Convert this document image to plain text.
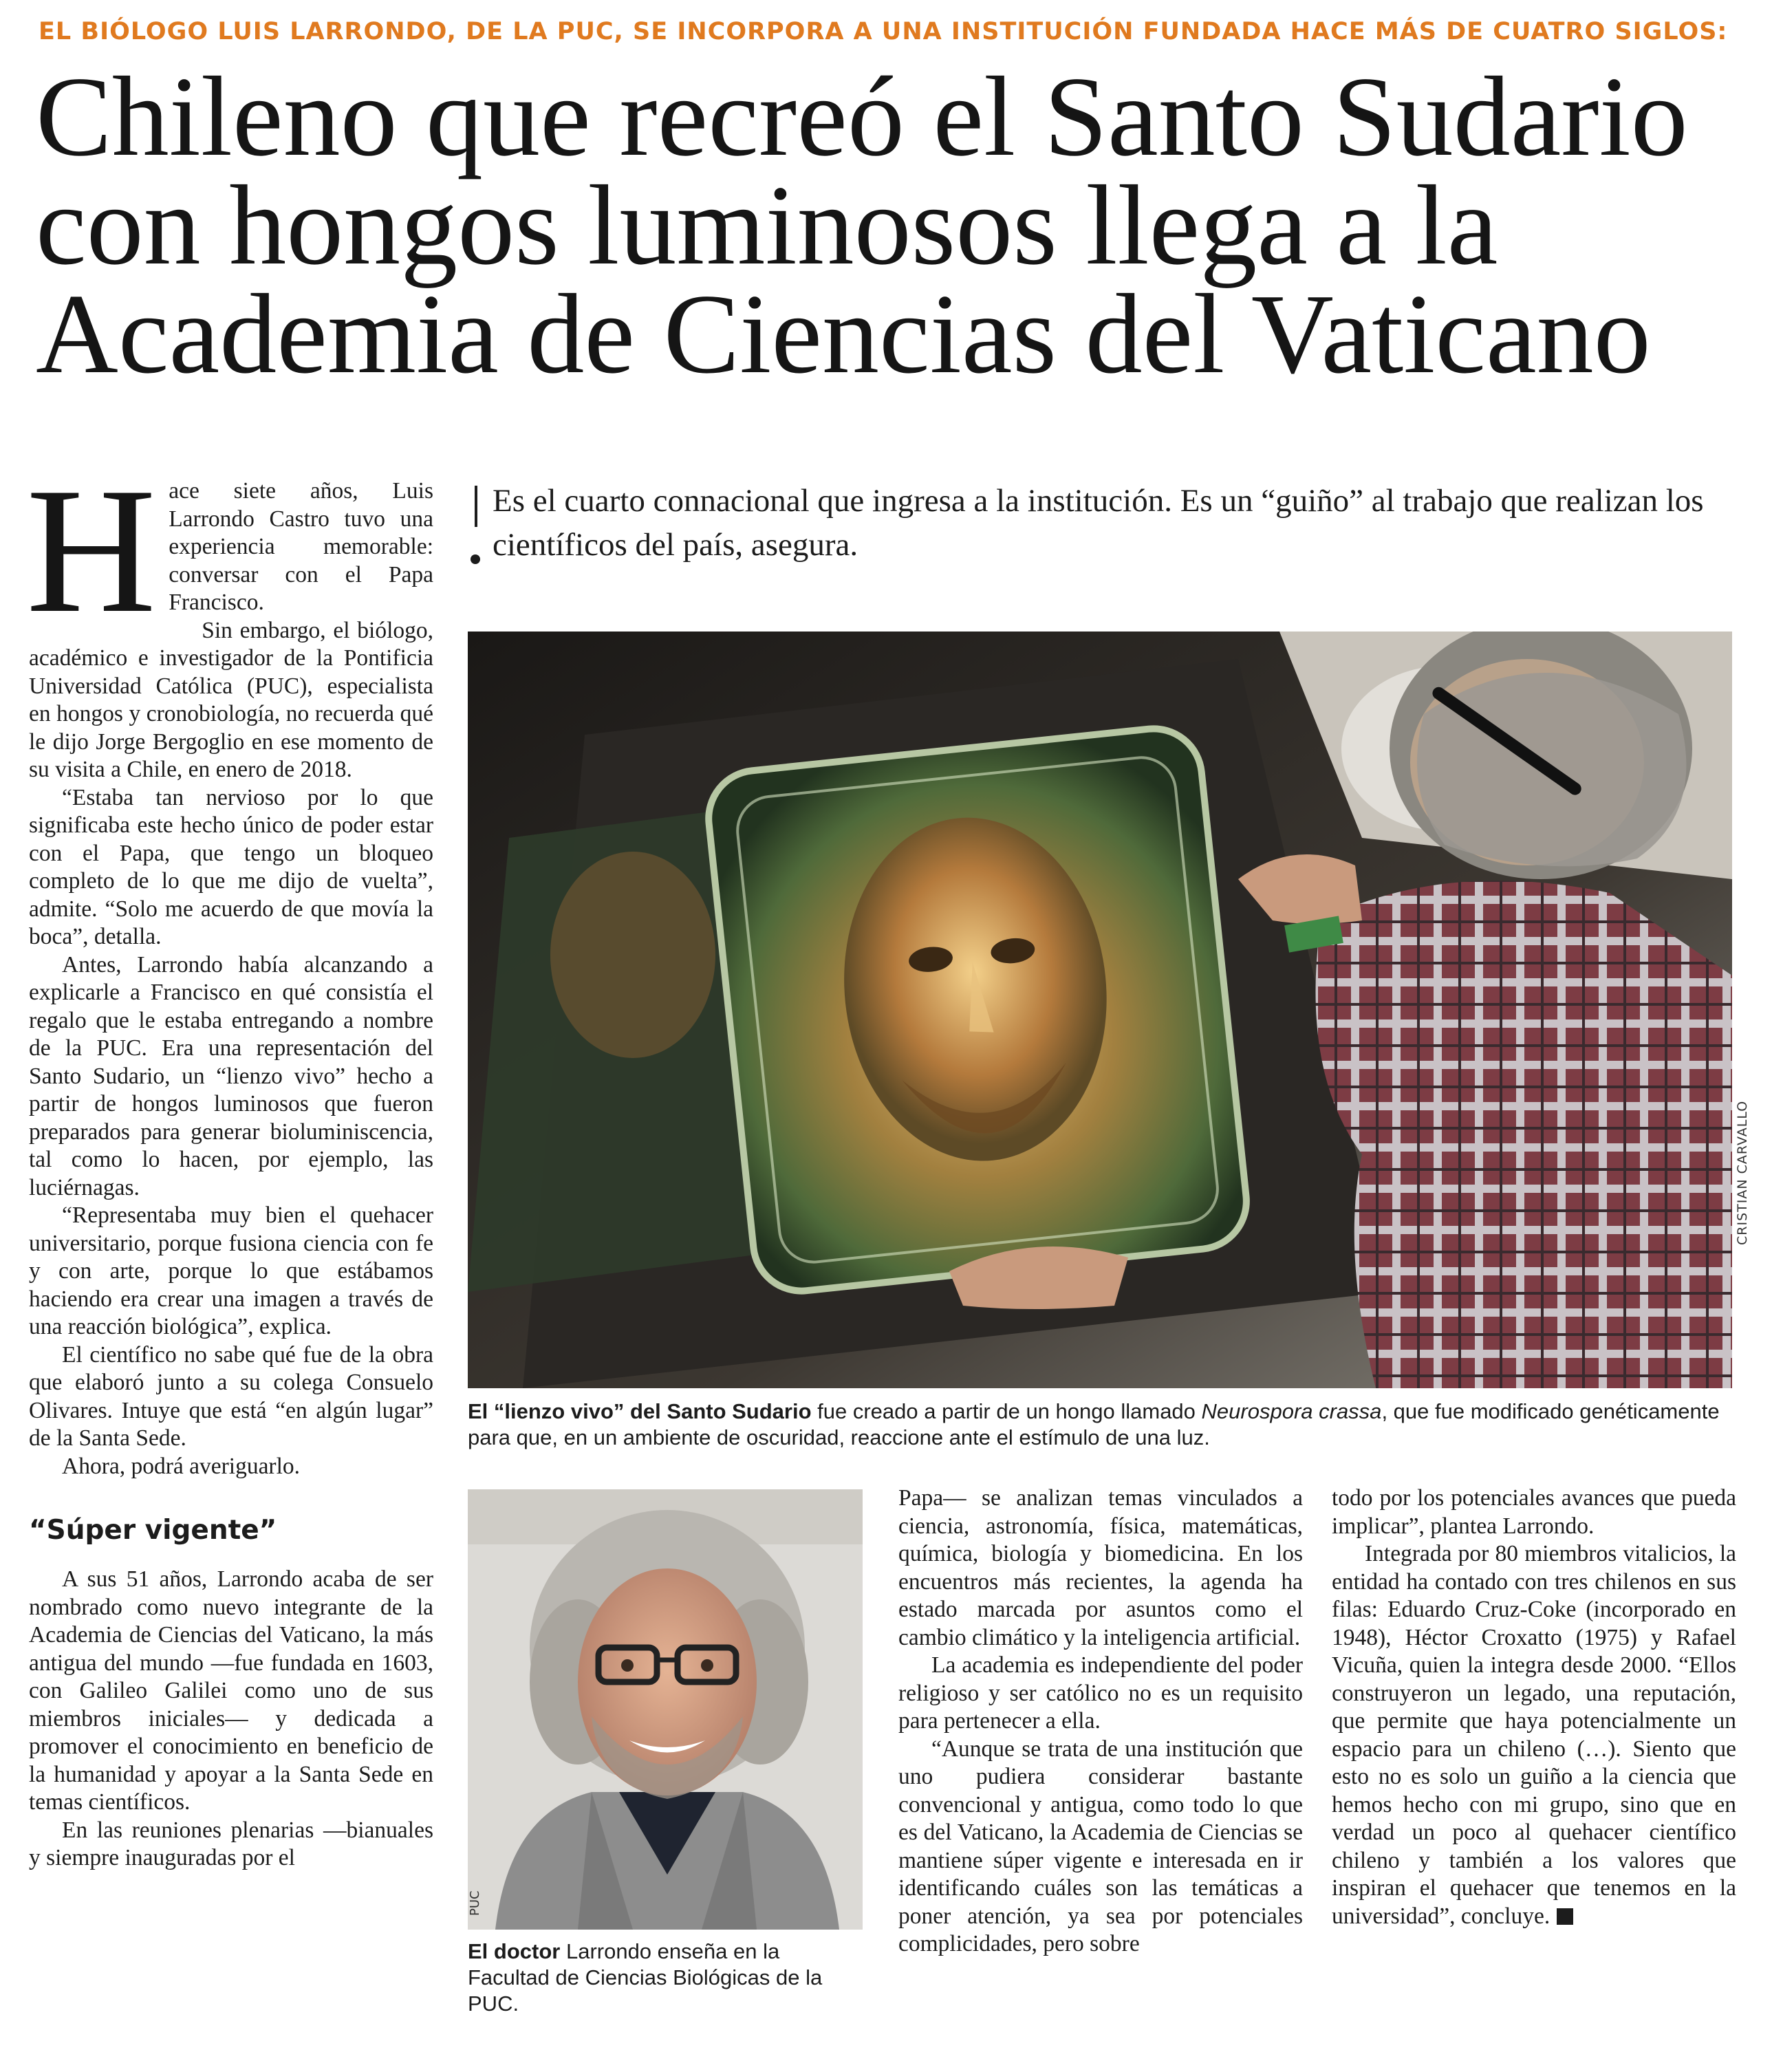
EL BIÓLOGO LUIS LARRONDO, DE LA PUC, SE INCORPORA A UNA INSTITUCIÓN FUNDADA HACE MÁS DE CUATRO SIGLOS:
Chileno que recreó el Santo Sudario
con hongos luminosos llega a la
Academia de Ciencias del Vaticano

Hace siete años, Luis Larrondo Castro tuvo una experiencia memorable: conversar con el Papa Francisco.

Sin embargo, el biólogo, académico e investigador de la Pontificia Universidad Católica (PUC), especialista en hongos y cronobiología, no recuerda qué le dijo Jorge Bergoglio en ese momento de su visita a Chile, en enero de 2018.

“Estaba tan nervioso por lo que significaba este hecho único de poder estar con el Papa, que tengo un bloqueo completo de lo que me dijo de vuelta”, admite. “Solo me acuerdo de que movía la boca”, detalla.

Antes, Larrondo había alcanzando a explicarle a Francisco en qué consistía el regalo que le estaba entregando a nombre de la PUC. Era una representación del Santo Sudario, un “lienzo vivo” hecho a partir de hongos luminosos que fueron preparados para generar bioluminiscencia, tal como lo hacen, por ejemplo, las luciérnagas.

“Representaba muy bien el quehacer universitario, porque fusiona ciencia con fe y con arte, porque lo que estábamos haciendo era crear una imagen a través de una reacción biológica”, explica.

El científico no sabe qué fue de la obra que elaboró junto a su colega Consuelo Olivares. Intuye que está “en algún lugar” de la Santa Sede.

Ahora, podrá averiguarlo.

“Súper vigente”

A sus 51 años, Larrondo acaba de ser nombrado como nuevo integrante de la Academia de Ciencias del Vaticano, la más antigua del mundo —fue fundada en 1603, con Galileo Galilei como uno de sus miembros iniciales— y dedicada a promover el conocimiento en beneficio de la humanidad y apoyar a la Santa Sede en temas científicos.

En las reuniones plenarias —bianuales y siempre inauguradas por el

Es el cuarto connacional que ingresa a la institución. Es un “guiño” al trabajo que realizan los científicos del país, asegura.
CRISTIAN CARVALLO
El “lienzo vivo” del Santo Sudario fue creado a partir de un hongo llamado Neurospora crassa, que fue modificado genéticamente para que, en un ambiente de oscuridad, reaccione ante el estímulo de una luz.
PUC
El doctor Larrondo enseña en la Facultad de Ciencias Biológicas de la PUC.

Papa— se analizan temas vinculados a ciencia, astronomía, física, matemáticas, química, biología y biomedicina. En los encuentros más recientes, la agenda ha estado marcada por asuntos como el cambio climático y la inteligencia artificial.

La academia es independiente del poder religioso y ser católico no es un requisito para pertenecer a ella.

“Aunque se trata de una institución que uno pudiera considerar bastante convencional y antigua, como todo lo que es del Vaticano, la Academia de Ciencias se mantiene súper vigente e interesada en ir identificando cuáles son las temáticas a poner atención, ya sea por potenciales complicidades, pero sobre

todo por los potenciales avances que pueda implicar”, plantea Larrondo.

Integrada por 80 miembros vitalicios, la entidad ha contado con tres chilenos en sus filas: Eduardo Cruz-Coke (incorporado en 1948), Héctor Croxatto (1975) y Rafael Vicuña, quien la integra desde 2000. “Ellos construyeron un legado, una reputación, que permite que haya potencialmente un espacio para un chileno (…). Siento que esto no es solo un guiño a la ciencia que hemos hecho con mi grupo, sino que en verdad un poco al quehacer científico chileno y también a los valores que inspiran el quehacer que tenemos en la universidad”, concluye.
